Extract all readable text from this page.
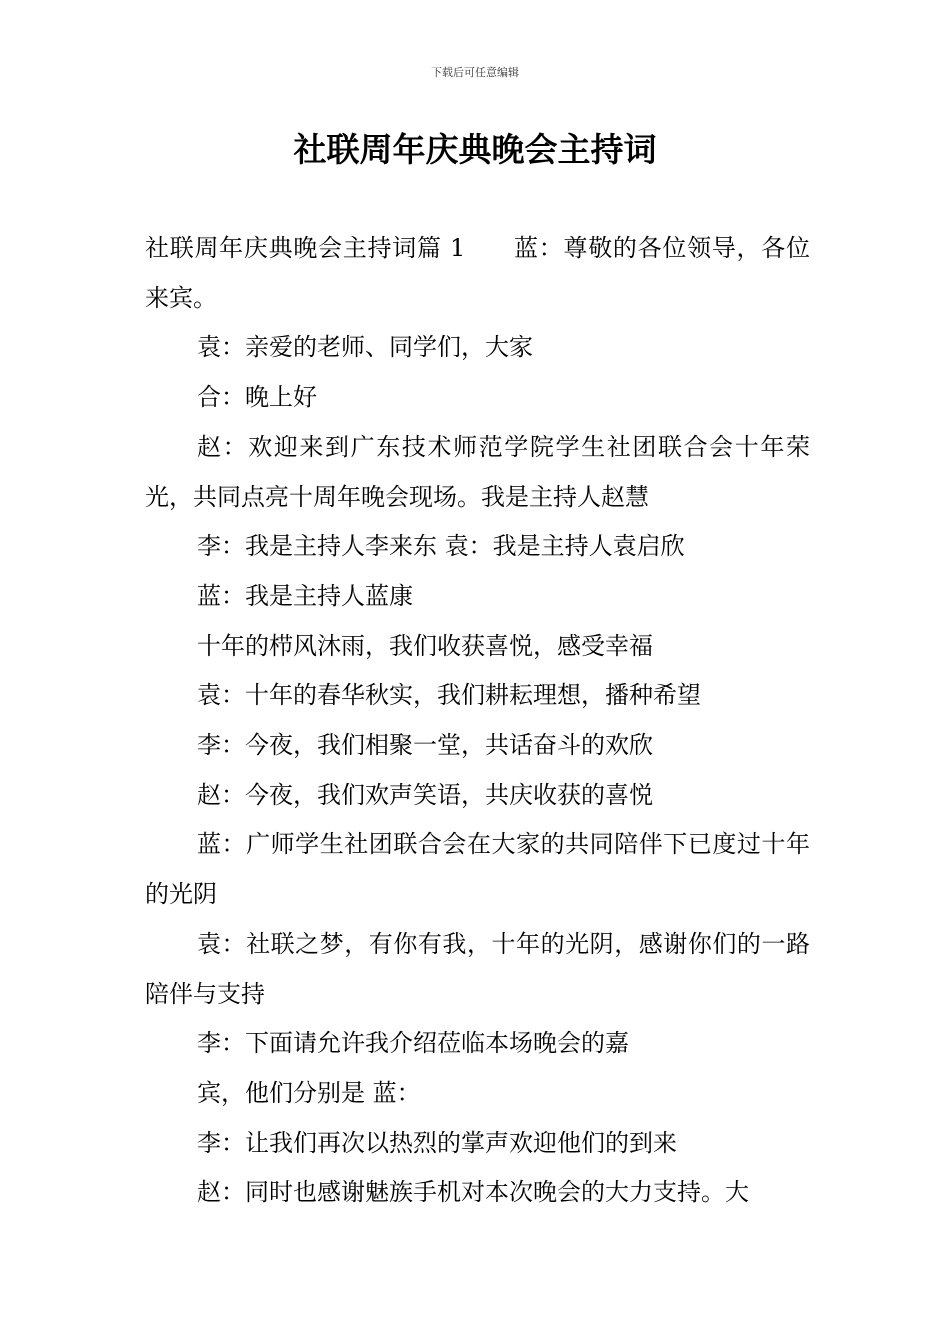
下载后可任意编辑
社联周年庆典晚会主持词

社联周年庆典晚会主持词篇 1 蓝：尊敬的各位领导，各位来宾。

袁：亲爱的老师、同学们，大家

合：晚上好

赵：欢迎来到广东技术师范学院学生社团联合会十年荣光，共同点亮十周年晚会现场。我是主持人赵慧

李：我是主持人李来东 袁：我是主持人袁启欣

蓝：我是主持人蓝康

十年的栉风沐雨，我们收获喜悦，感受幸福

袁：十年的春华秋实，我们耕耘理想，播种希望

李：今夜，我们相聚一堂，共话奋斗的欢欣

赵：今夜，我们欢声笑语，共庆收获的喜悦

蓝：广师学生社团联合会在大家的共同陪伴下已度过十年的光阴

袁：社联之梦，有你有我，十年的光阴，感谢你们的一路陪伴与支持

李：下面请允许我介绍莅临本场晚会的嘉

宾，他们分别是 蓝：

李：让我们再次以热烈的掌声欢迎他们的到来

赵：同时也感谢魅族手机对本次晚会的大力支持。大
